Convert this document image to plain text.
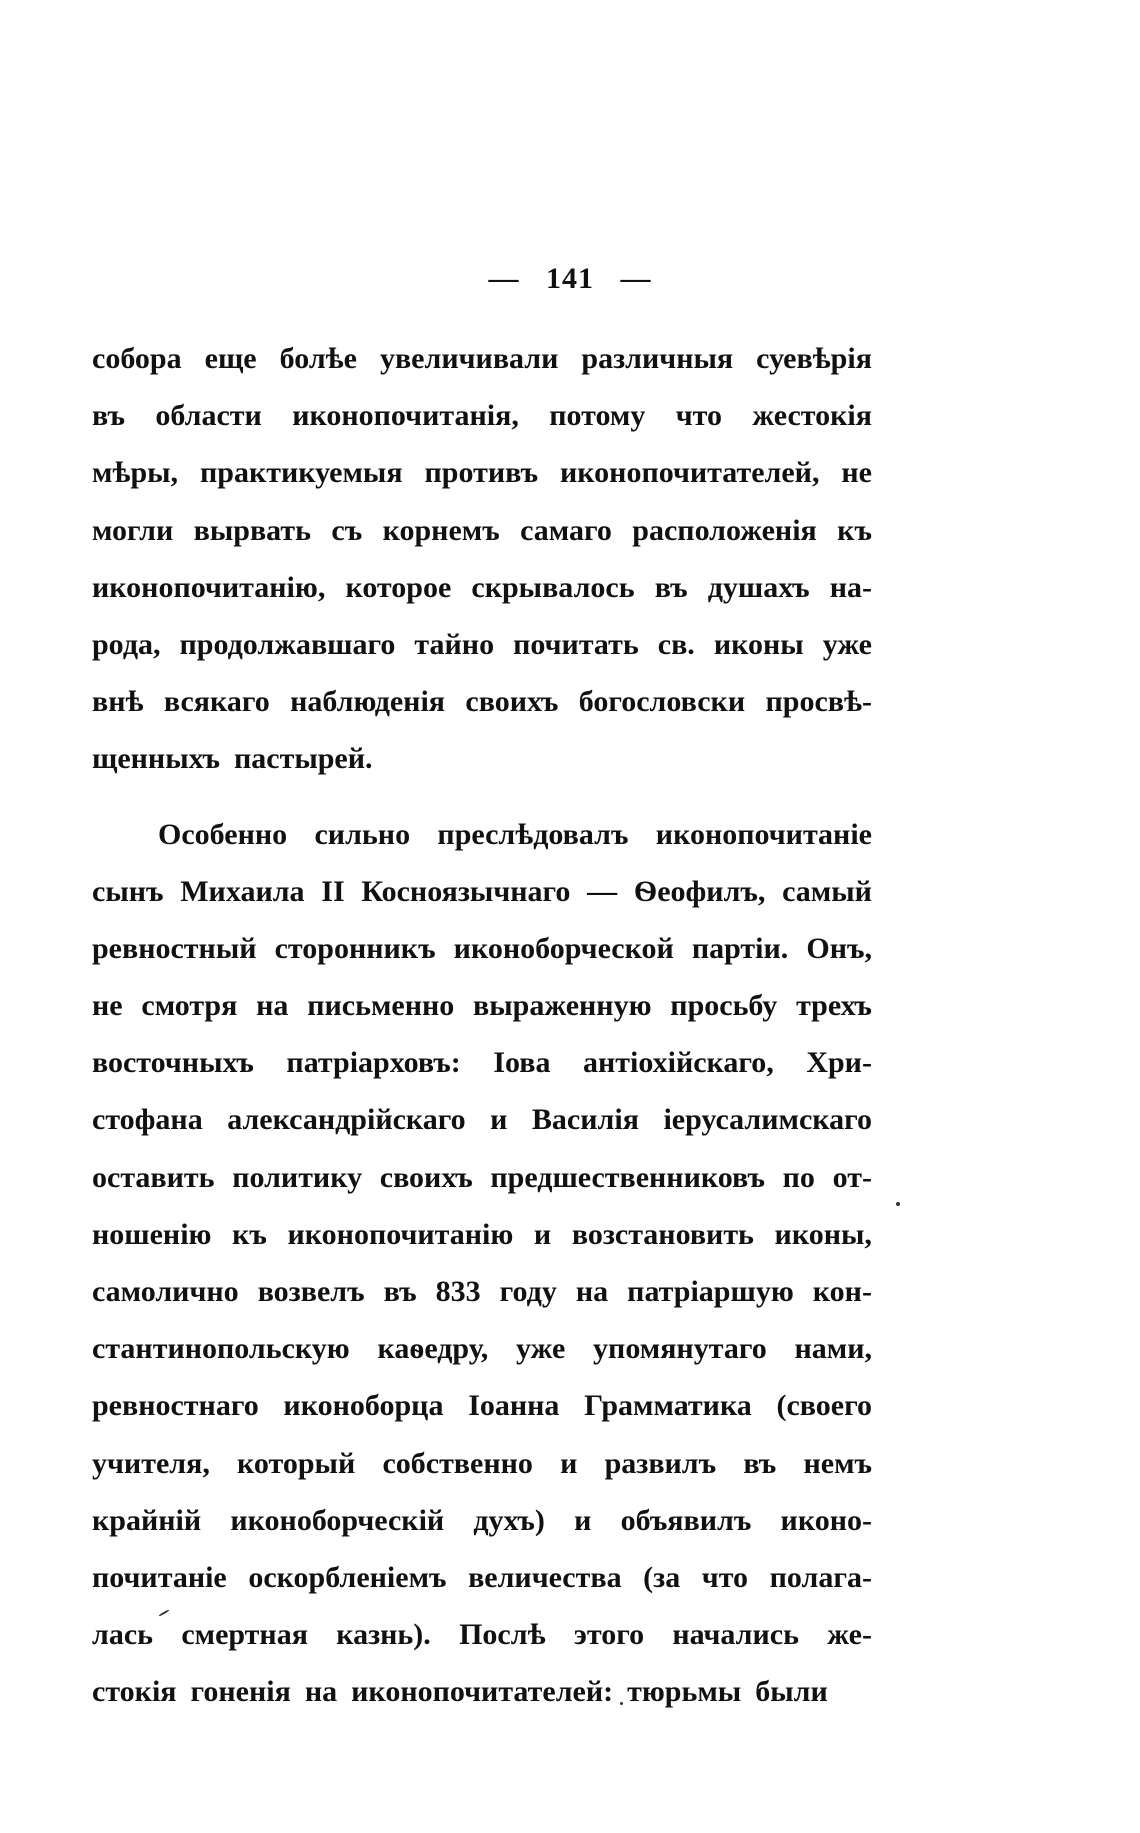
— 141 —
собора еще болѣе увеличивали различныя суевѣрія
въ области иконопочитанія, потому что жестокія
мѣры, практикуемыя противъ иконопочитателей, не
могли вырвать съ корнемъ самаго расположенія къ
иконопочитанію, которое скрывалось въ душахъ на-
рода, продолжавшаго тайно почитать св. иконы уже
внѣ всякаго наблюденія своихъ богословски просвѣ-
щенныхъ пастырей.
Особенно сильно преслѣдовалъ иконопочитаніе
сынъ Михаила II Косноязычнаго — Ѳеофилъ, самый
ревностный сторонникъ иконоборческой партіи. Онъ,
не смотря на письменно выраженную просьбу трехъ
восточныхъ патріарховъ: Іова антіохійскаго, Хри-
стофана александрійскаго и Василія іерусалимскаго
оставить политику своихъ предшественниковъ по от-
ношенію къ иконопочитанію и возстановить иконы,
самолично возвелъ въ 833 году на патріаршую кон-
стантинопольскую каѳедру, уже упомянутаго нами,
ревностнаго иконоборца Іоанна Грамматика (своего
учителя, который собственно и развилъ въ немъ
крайній иконоборческій духъ) и объявилъ иконо-
почитаніе оскорбленіемъ величества (за что полага-
лась смертная казнь). Послѣ этого начались же-
стокія гоненія на иконопочитателей: тюрьмы были
